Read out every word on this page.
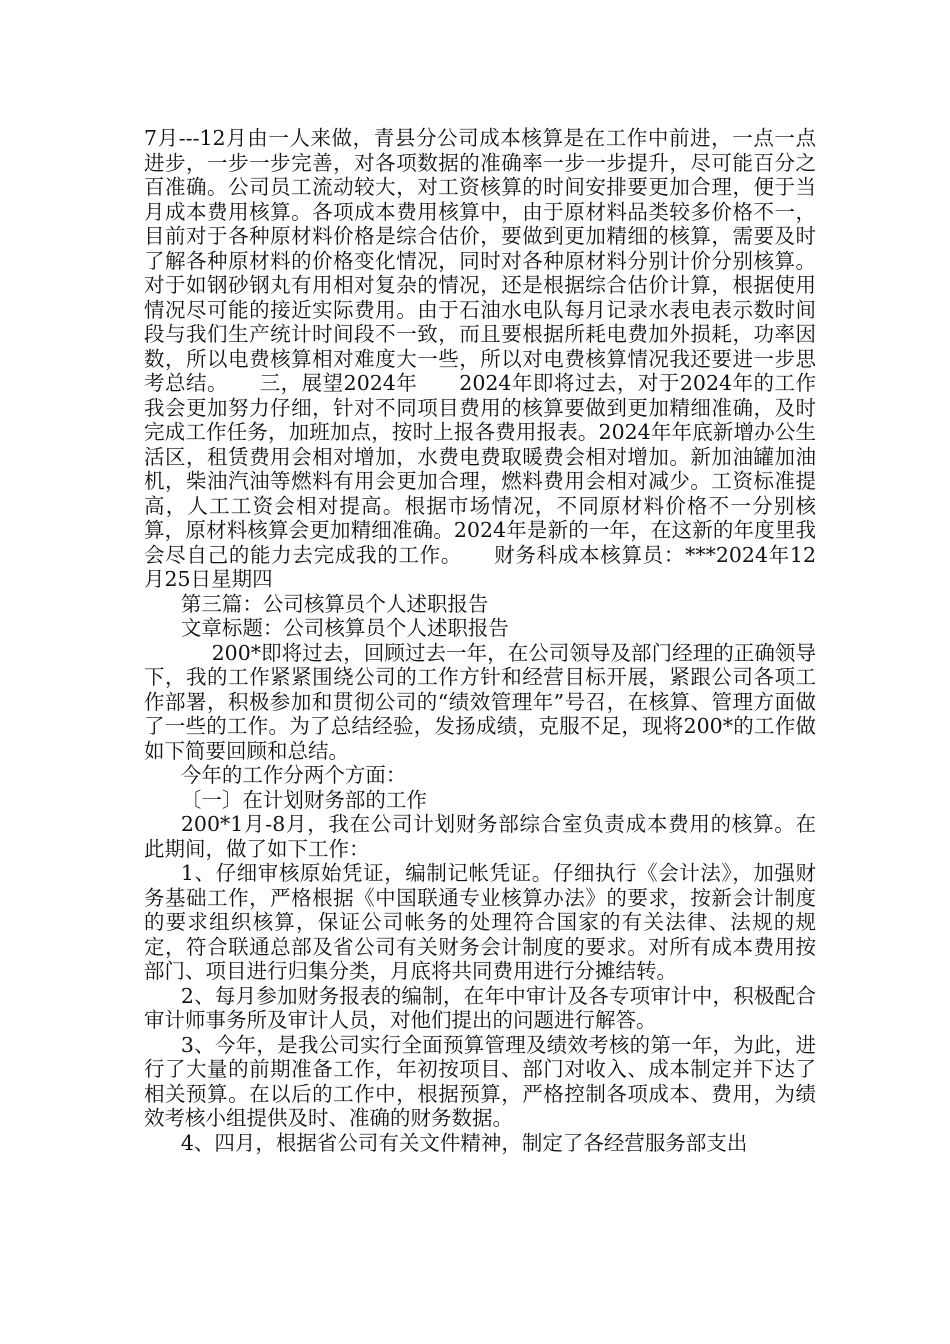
7月---12月由一人来做，青县分公司成本核算是在工作中前进，一点一点进步，一步一步完善，对各项数据的准确率一步一步提升，尽可能百分之百准确。公司员工流动较大，对工资核算的时间安排要更加合理，便于当月成本费用核算。各项成本费用核算中，由于原材料品类较多价格不一，目前对于各种原材料价格是综合估价，要做到更加精细的核算，需要及时了解各种原材料的价格变化情况，同时对各种原材料分别计价分别核算。对于如钢砂钢丸有用相对复杂的情况，还是根据综合估价计算，根据使用情况尽可能的接近实际费用。由于石油水电队每月记录水表电表示数时间段与我们生产统计时间段不一致，而且要根据所耗电费加外损耗，功率因数，所以电费核算相对难度大一些，所以对电费核算情况我还要进一步思考总结。　　三，展望2024年　　2024年即将过去，对于2024年的工作我会更加努力仔细，针对不同项目费用的核算要做到更加精细准确，及时完成工作任务，加班加点，按时上报各费用报表。2024年年底新增办公生活区，租赁费用会相对增加，水费电费取暖费会相对增加。新加油罐加油机，柴油汽油等燃料有用会更加合理，燃料费用会相对减少。工资标准提高，人工工资会相对提高。根据市场情况，不同原材料价格不一分别核算，原材料核算会更加精细准确。2024年是新的一年，在这新的年度里我会尽自己的能力去完成我的工作。　　财务科成本核算员：***2024年12月25日星期四

第三篇：公司核算员个人述职报告

文章标题：公司核算员个人述职报告

200*即将过去，回顾过去一年，在公司领导及部门经理的正确领导下，我的工作紧紧围绕公司的工作方针和经营目标开展，紧跟公司各项工作部署，积极参加和贯彻公司的“绩效管理年”号召，在核算、管理方面做了一些的工作。为了总结经验，发扬成绩，克服不足，现将200*的工作做如下简要回顾和总结。

今年的工作分两个方面：

〔一〕在计划财务部的工作

200*1月-8月，我在公司计划财务部综合室负责成本费用的核算。在此期间，做了如下工作：

1、仔细审核原始凭证，编制记帐凭证。仔细执行《会计法》，加强财务基础工作，严格根据《中国联通专业核算办法》的要求，按新会计制度的要求组织核算，保证公司帐务的处理符合国家的有关法律、法规的规定，符合联通总部及省公司有关财务会计制度的要求。对所有成本费用按部门、项目进行归集分类，月底将共同费用进行分摊结转。

2、每月参加财务报表的编制，在年中审计及各专项审计中，积极配合审计师事务所及审计人员，对他们提出的问题进行解答。

3、今年，是我公司实行全面预算管理及绩效考核的第一年，为此，进行了大量的前期准备工作，年初按项目、部门对收入、成本制定并下达了相关预算。在以后的工作中，根据预算，严格控制各项成本、费用，为绩效考核小组提供及时、准确的财务数据。

4、四月，根据省公司有关文件精神，制定了各经营服务部支出
